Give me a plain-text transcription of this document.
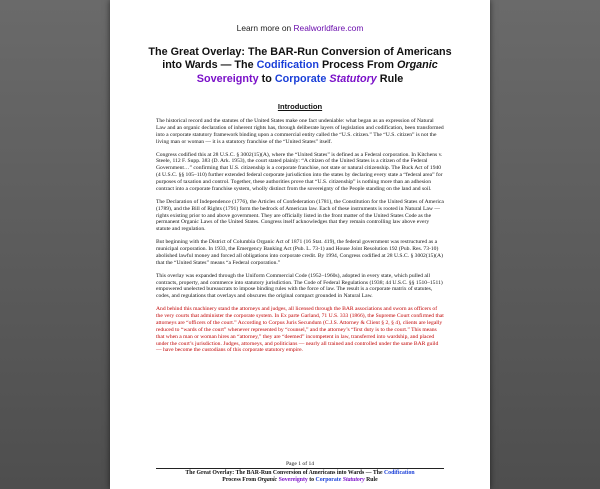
Learn more on Realworldfare.com
The Great Overlay: The BAR-Run Conversion of Americans
into Wards — The Codification Process From Organic
Sovereignty to Corporate Statutory Rule
Introduction

The historical record and the statutes of the United States make one fact undeniable: what began as an expression of Natural Law and an organic declaration of inherent rights has, through deliberate layers of legislation and codification, been transformed into a corporate statutory framework binding upon a commercial entity called the “U.S. citizen.” The “U.S. citizen” is not the living man or woman — it is a statutory franchise of the “United States” itself.

Congress codified this at 28 U.S.C. § 3002(15)(A), where the “United States” is defined as a Federal corporation. In Kitchens v. Steele, 112 F. Supp. 383 (D. Ark. 1953), the court stated plainly: “A citizen of the United States is a citizen of the Federal Government…” confirming that U.S. citizenship is a corporate franchise, not state or natural citizenship. The Buck Act of 1940 (4 U.S.C. §§ 105–110) further extended federal corporate jurisdiction into the states by declaring every state a “federal area” for purposes of taxation and control. Together, these authorities prove that “U.S. citizenship” is nothing more than an adhesion contract into a corporate franchise system, wholly distinct from the sovereignty of the People standing on the land and soil.

The Declaration of Independence (1776), the Articles of Confederation (1781), the Constitution for the United States of America (1789), and the Bill of Rights (1791) form the bedrock of American law. Each of these instruments is rooted in Natural Law — rights existing prior to and above government. They are officially listed in the front matter of the United States Code as the permanent Organic Laws of the United States. Congress itself acknowledges that they remain controlling law above every statute and regulation.

But beginning with the District of Columbia Organic Act of 1871 (16 Stat. 419), the federal government was restructured as a municipal corporation. In 1933, the Emergency Banking Act (Pub. L. 73-1) and House Joint Resolution 192 (Pub. Res. 73-10) abolished lawful money and forced all obligations into corporate credit. By 1994, Congress codified at 28 U.S.C. § 3002(15)(A) that the “United States” means “a Federal corporation.”

This overlay was expanded through the Uniform Commercial Code (1952–1960s), adopted in every state, which pulled all contracts, property, and commerce into statutory jurisdiction. The Code of Federal Regulations (1938; 44 U.S.C. §§ 1510–1511) empowered unelected bureaucrats to impose binding rules with the force of law. The result is a corporate matrix of statutes, codes, and regulations that overlays and obscures the original compact grounded in Natural Law.

And behind this machinery stand the attorneys and judges, all licensed through the BAR associations and sworn as officers of the very courts that administer the corporate system. In Ex parte Garland, 71 U.S. 333 (1866), the Supreme Court confirmed that attorneys are “officers of the court.” According to Corpus Juris Secundum (C.J.S. Attorney & Client § 2, § 4), clients are legally reduced to “wards of the court” whenever represented by “counsel,” and the attorney’s “first duty is to the court.” This means that when a man or woman hires an “attorney,” they are “deemed” incompetent in law, transferred into wardship, and placed under the court’s jurisdiction. Judges, attorneys, and politicians — nearly all trained and controlled under the same BAR guild — have become the custodians of this corporate statutory empire.

Page 1 of 14
The Great Overlay: The BAR-Run Conversion of Americans into Wards — The Codification
Process From Organic Sovereignty to Corporate Statutory Rule
